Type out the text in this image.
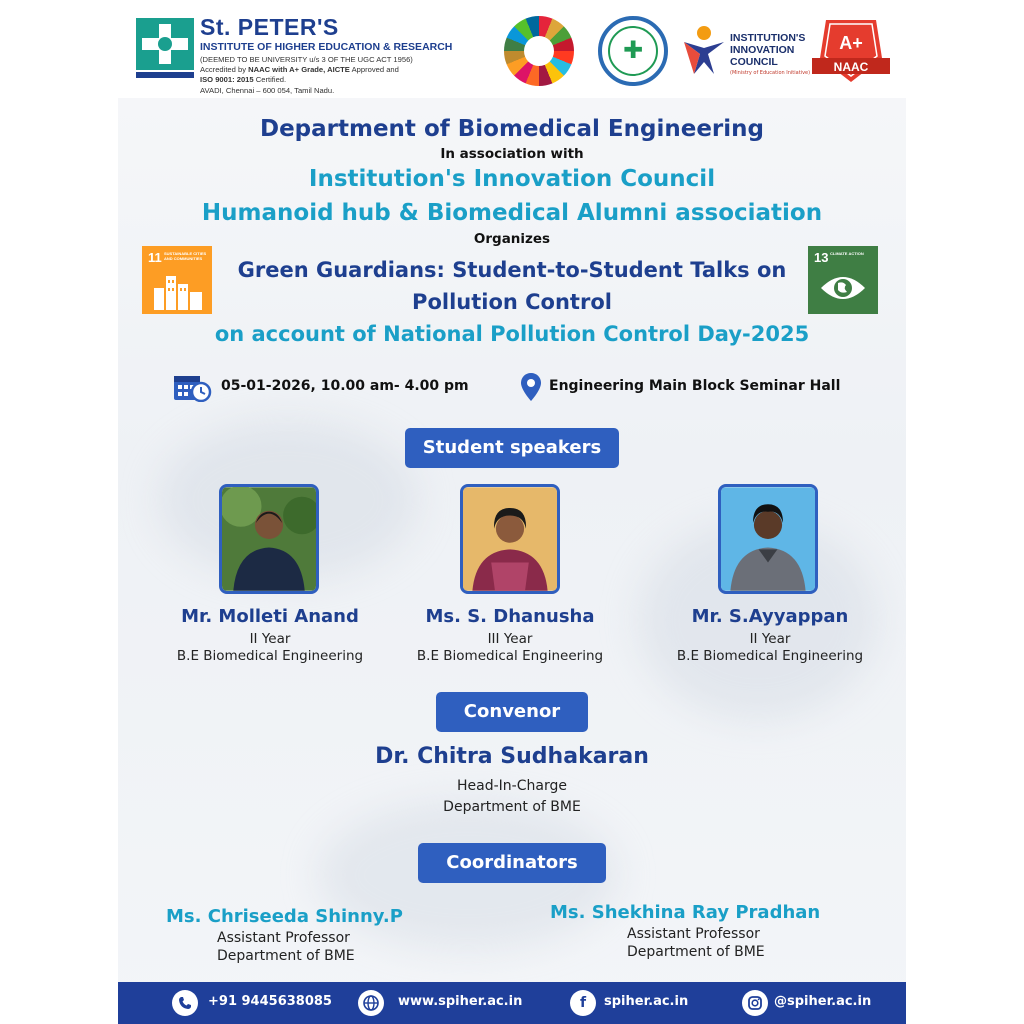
St. PETER'S
INSTITUTE OF HIGHER EDUCATION & RESEARCH
(DEEMED TO BE UNIVERSITY u/s 3 OF THE UGC ACT 1956)
Accredited by NAAC with A+ Grade, AICTE Approved and
ISO 9001: 2015 Certified.
AVADI, Chennai – 600 054, Tamil Nadu.
✚
INSTITUTION'S
INNOVATION
COUNCIL
(Ministry of Education Initiative)
A+
NAAC
Department of Biomedical Engineering
In association with
Institution's Innovation Council
Humanoid hub & Biomedical Alumni association
Organizes
Green Guardians: Student-to-Student Talks on
Pollution Control
on account of National Pollution Control Day-2025
11 SUSTAINABLE CITIES AND COMMUNITIES	13 CLIMATE ACTION
05-01-2026, 10.00 am- 4.00 pm	Engineering Main Block Seminar Hall
Student speakers
Mr. Molleti Anand
II Year
B.E Biomedical Engineering
Ms. S. Dhanusha
III Year
B.E Biomedical Engineering
Mr. S.Ayyappan
II Year
B.E Biomedical Engineering
Convenor
Dr. Chitra Sudhakaran
Head-In-Charge
Department of BME
Coordinators
Ms. Chriseeda Shinny.P
Assistant Professor
Department of BME
Ms. Shekhina Ray Pradhan
Assistant Professor
Department of BME
+91 9445638085	www.spiher.ac.in	f	spiher.ac.in	@spiher.ac.in
